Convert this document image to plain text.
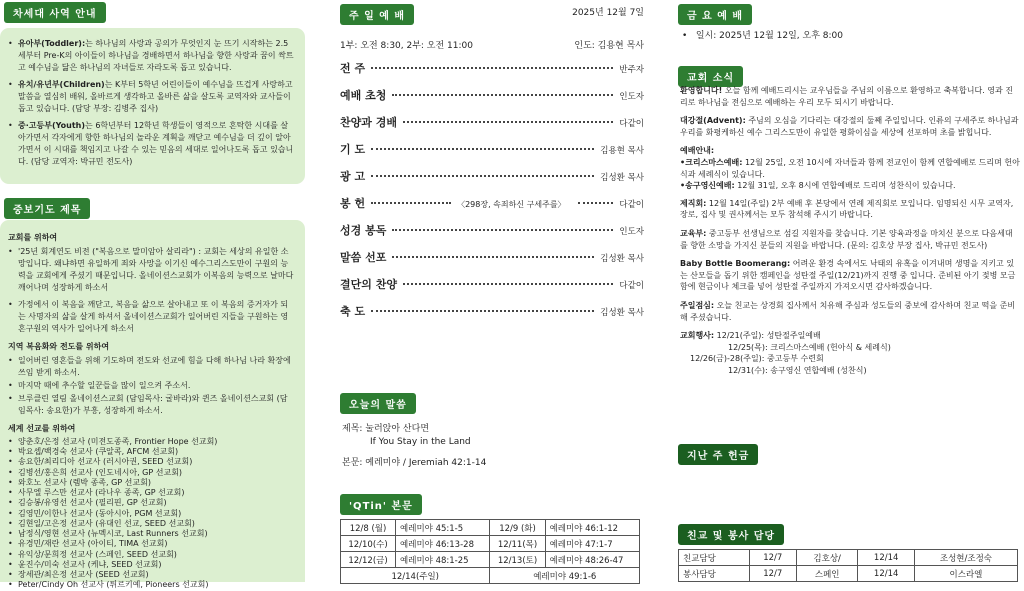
차세대 사역 안내
• 유아부(Toddler):는 하나님의 사랑과 공의가 무엇인지 눈 뜨기 시작하는 2.5세부터 Pre-K의 아이들이 하나님을 경배하면서 하나님을 향한 사랑과 꿈이 싹트고 예수님을 닮은 하나님의 자녀들로 자라도록 돕고 있습니다.
• 유치/유년부(Children)는 K부터 5학년 어린이들이 예수님을 뜨겁게 사랑하고 말씀을 열심히 배워, 올바르게 생각하고 올바른 삶을 살도록 교역자와 교사들이 돕고 있습니다. (담당 부장: 김병주 집사)
• 중·고등부(Youth)는 6학년부터 12학년 학생들이 영적으로 혼탁한 시대를 살아가면서 각자에게 향한 하나님의 놀라운 계획을 깨닫고 예수님을 더 깊이 알아가면서 이 시대를 책임지고 나갈 수 있는 믿음의 세대로 일어나도록 돕고 있습니다. (담당 교역자: 박규민 전도사)
중보기도 제목
교회를 위하여
• '25년 회계연도 비전 ("복음으로 말미암아 살리라") : 교회는 세상의 유일한 소망입니다. 왜냐하면 유일하게 죄와 사망을 이기신 예수그리스도만이 구원의 능력을 교회에게 주셨기 때문입니다. 올네이션스교회가 이복음의 능력으로 날마다 깨어나며 성장하게 하소서
• 가정에서 이 복음을 깨닫고, 복음을 삶으로 살아내고 또 이 복음의 증거자가 되는 사명자의 삶을 살게 하셔서 올네이션스교회가 일어버린 지들을 구원하는 영혼구원의 역사가 일어나게 하소서
지역 복음화와 전도를 위하여
• 일어버린 영혼들을 위해 기도하며 전도와 선교에 힘을 다해 하나님 나라 확장에 쓰임 받게 하소서.
• 마지막 때에 추수할 일꾼들을 많이 일으켜 주소서.
• 브루클린 열림 올네이션스교회 (담임목사: 굴바라)와 퀸즈 올네이션스교회 (담임목사: 송요한)가 부흥, 성장하게 하소서.
세계 선교를 위하여
• 양춘호/은정 선교사 (미전도종족, Frontier Hope 선교회)
• 박요셉/백경숙 선교사 (쿠알콕, AFCM 선교회)
• 송요한/최리디아 선교사 (러시아권, SEED 선교회)
• 김병선/홍은희 선교사 (인도네시아, GP 선교회)
• 와호노 선교사 (렘박 종족, GP 선교회)
• 사무엘 루스만 선교사 (라나우 종족, GP 선교회)
• 김승봉/유영선 선교사 (필리핀, GP 선교회)
• 김영민/이한나 선교사 (동아시아, PGM 선교회)
• 김현일/고은정 선교사 (유대인 선교, SEED 선교회)
• 남정식/영현 선교사 (뉴멕시코, Last Runners 선교회)
• 유경민/재란 선교사 (아이티, TIMA 선교회)
• 유익상/문희정 선교사 (스페인, SEED 선교회)
• 윤진수/미숙 선교사 (케냐, SEED 선교회)
• 장세관/최은정 선교사 (SEED 선교회)
• Peter/Cindy Oh 선교사 (튀르키예, Pioneers 선교회)
주 일 예 배	2025년 12월 7일
1부: 오전 8:30, 2부: 오전 11:00	인도: 김용현 목사
전 주	반주자
예배 초청	인도자
찬양과 경배	다같이
기 도	김용현 목사
광 고	김성환 목사
봉 헌	〈298장, 속죄하신 구세주를〉	다같이
성경 봉독	인도자
말씀 선포	김성환 목사
결단의 찬양	다같이
축 도	김성환 목사
오늘의 말씀
제목: 눌러앉아 산다면
If You Stay in the Land
본문: 예레미야 / Jeremiah 42:1-14
'QTin' 본문
12/8 (월)	예레미야 45:1-5	12/9 (화)	예레미야 46:1-12
12/10(수)	예레미야 46:13-28	12/11(목)	예레미야 47:1-7
12/12(금)	예레미야 48:1-25	12/13(토)	예레미야 48:26-47
12/14(주일)		예레미야 49:1-6	
금 요 예 배
•   일시: 2025년 12월 12일, 오후 8:00
교회 소식

환영합니다! 오늘 함께 예배드리시는 교우님들을 주님의 이름으로 환영하고 축복합니다. 영과 진리로 하나님을 전심으로 예배하는 우리 모두 되시기 바랍니다.

대강절(Advent): 주님의 오심을 기다리는 대강절의 둘째 주일입니다. 인류의 구세주로 하나님과 우리를 화평케하신 예수 그리스도만이 유일한 평화이심을 세상에 선포하며 초를 밝힙니다.

예배안내:
•크리스마스예배: 12월 25일, 오전 10시에 자녀들과 함께 전교인이 함께 연합예배로 드리며 헌아식과 세례식이 있습니다.
•송구영신예배: 12월 31일, 오후 8시에 연합예배로 드리며 성찬식이 있습니다.

제직회: 12월 14일(주일) 2부 예배 후 본당에서 연례 제직회로 모입니다. 임명되신 시무 교역자, 장로, 집사 및 권사께서는 모두 참석해 주시기 바랍니다.

교육부: 중고등부 선생님으로 섬길 지원자를 찾습니다. 기본 양육과정을 마치신 분으로 다음세대를 향한 소망을 가지신 분들의 지원을 바랍니다. (문의: 김호상 부장 집사, 박규민 전도사)

Baby Bottle Boomerang: 어려운 환경 속에서도 낙태의 유혹을 이겨내며 생명을 지키고 있는 산모들을 돕기 위한 캠페인을 성탄절 주일(12/21)까지 진행 중 입니다. 준비된 아기 젖병 모금함에 현금이나 체크를 넣어 성탄절 주일까지 가져오시면 감사하겠습니다.

주일점심: 오늘 친교는 상경회 집사께서 치유해 주심과 성도들의 중보에 감사하며 친교 떡을 준비해 주셨습니다.

교회행사: 12/21(주일): 성탄절주일예배
12/25(목): 크리스마스예배 (헌아식 & 세례식)
12/26(금)-28(주일): 중고등부 수련회
12/31(수): 송구영신 연합예배 (성찬식)
지난 주 헌금
친교 및 봉사 담당
친교담당	12/7	김호상/	12/14	조성현/조정숙
봉사담당	12/7	스페인	12/14	이스라엘
